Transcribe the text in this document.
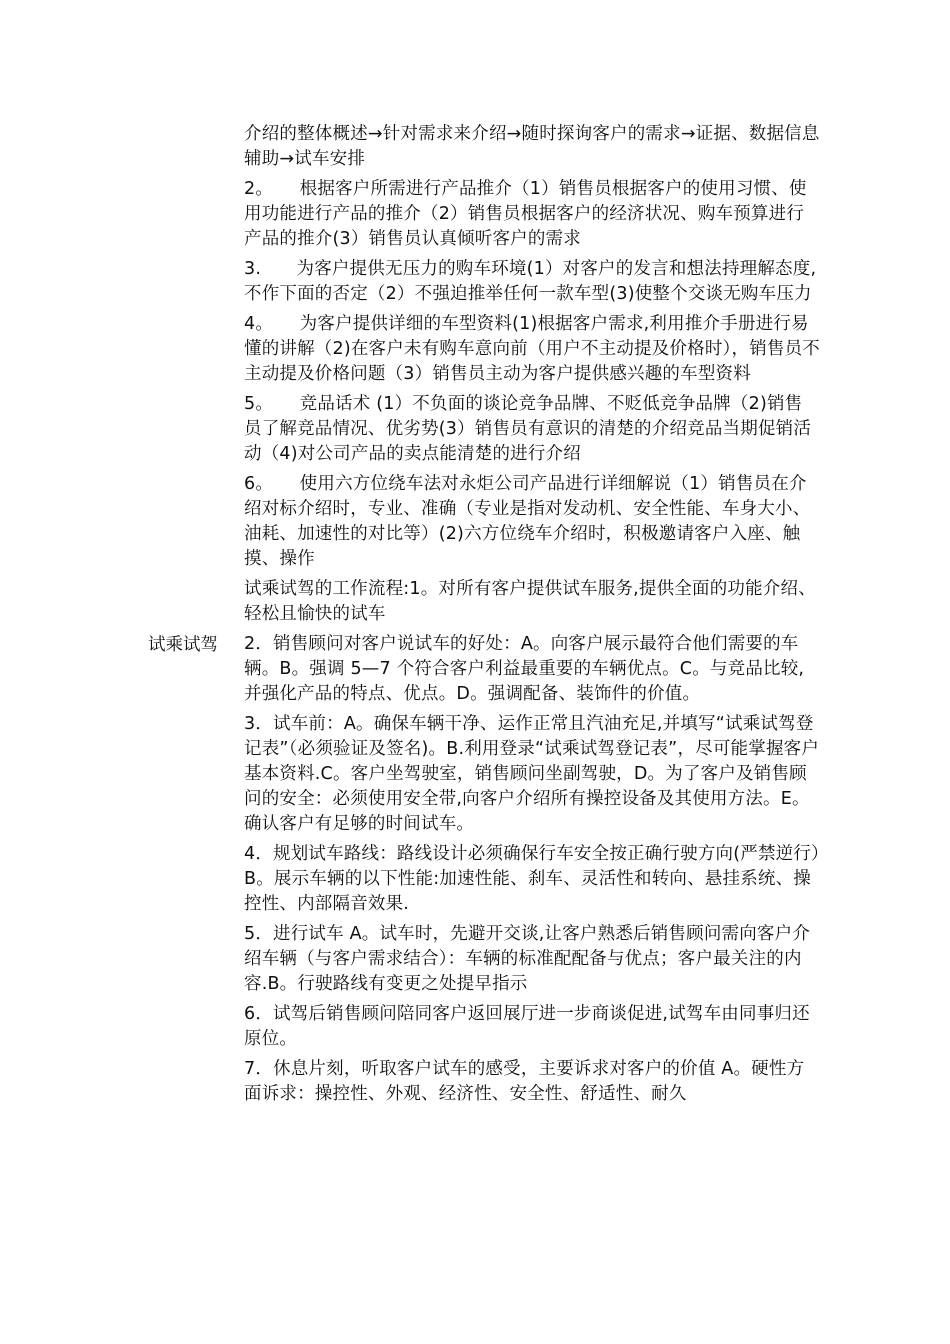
试乘试驾

介绍的整体概述→针对需求来介绍→随时探询客户的需求→证据、数据信息辅助→试车安排

2。　　根据客户所需进行产品推介（1）销售员根据客户的使用习惯、使用功能进行产品的推介（2）销售员根据客户的经济状况、购车预算进行产品的推介(3）销售员认真倾听客户的需求

3.　　为客户提供无压力的购车环境(1）对客户的发言和想法持理解态度,不作下面的否定（2）不强迫推举任何一款车型(3)使整个交谈无购车压力

4。　　为客户提供详细的车型资料(1)根据客户需求,利用推介手册进行易懂的讲解（2)在客户未有购车意向前（用户不主动提及价格时），销售员不主动提及价格问题（3）销售员主动为客户提供感兴趣的车型资料

5。　　竞品话术 (1）不负面的谈论竞争品牌、不贬低竞争品牌（2)销售员了解竞品情况、优劣势(3）销售员有意识的清楚的介绍竞品当期促销活动（4)对公司产品的卖点能清楚的进行介绍

6。　　使用六方位绕车法对永炬公司产品进行详细解说（1）销售员在介绍对标介绍时，专业、准确（专业是指对发动机、安全性能、车身大小、油耗、加速性的对比等）(2)六方位绕车介绍时，积极邀请客户入座、触摸、操作

试乘试驾的工作流程:1。对所有客户提供试车服务,提供全面的功能介绍、轻松且愉快的试车

2．销售顾问对客户说试车的好处：A。向客户展示最符合他们需要的车辆。B。强调 5—7 个符合客户利益最重要的车辆优点。C。与竞品比较,并强化产品的特点、优点。D。强调配备、装饰件的价值。

3．试车前：A。确保车辆干净、运作正常且汽油充足,并填写“试乘试驾登记表”（必须验证及签名)。B.利用登录“试乘试驾登记表”，尽可能掌握客户基本资料.C。客户坐驾驶室，销售顾问坐副驾驶，D。为了客户及销售顾问的安全：必须使用安全带,向客户介绍所有操控设备及其使用方法。E。确认客户有足够的时间试车。

4．规划试车路线：路线设计必须确保行车安全按正确行驶方向(严禁逆行）B。展示车辆的以下性能:加速性能、刹车、灵活性和转向、悬挂系统、操控性、内部隔音效果.

5．进行试车 A。试车时，先避开交谈,让客户熟悉后销售顾问需向客户介绍车辆（与客户需求结合）：车辆的标准配配备与优点；客户最关注的内容.B。行驶路线有变更之处提早指示

6．试驾后销售顾问陪同客户返回展厅进一步商谈促进,试驾车由同事归还原位。

7．休息片刻，听取客户试车的感受，主要诉求对客户的价值 A。硬性方面诉求：操控性、外观、经济性、安全性、舒适性、耐久
